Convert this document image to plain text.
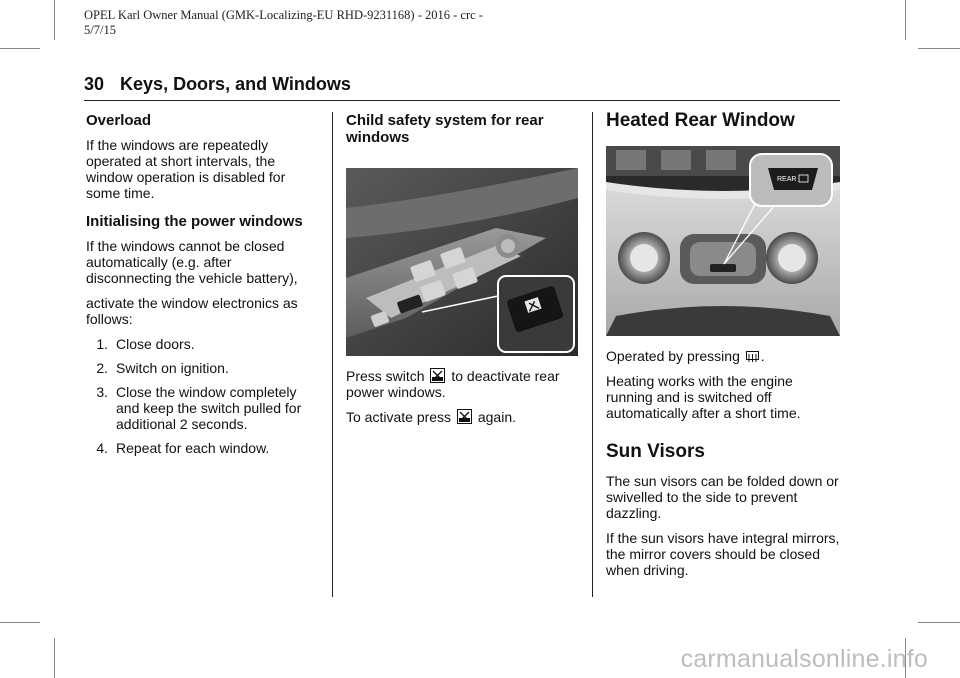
OPEL Karl Owner Manual (GMK-Localizing-EU RHD-9231168) - 2016 - crc -
5/7/15
30 Keys, Doors, and Windows
Overload

If the windows are repeatedly operated at short intervals, the window operation is disabled for some time.

Initialising the power windows

If the windows cannot be closed automatically (e.g. after disconnecting the vehicle battery),

activate the window electronics as follows:

1. Close doors.
2. Switch on ignition.
3. Close the window completely and keep the switch pulled for additional 2 seconds.
4. Repeat for each window.
Child safety system for rear windows

Press switch to deactivate rear power windows.

To activate press again.

Heated Rear Window
REAR

Operated by pressing .

Heating works with the engine running and is switched off automatically after a short time.

Sun Visors

The sun visors can be folded down or swivelled to the side to prevent dazzling.

If the sun visors have integral mirrors, the mirror covers should be closed when driving.

carmanualsonline.info
